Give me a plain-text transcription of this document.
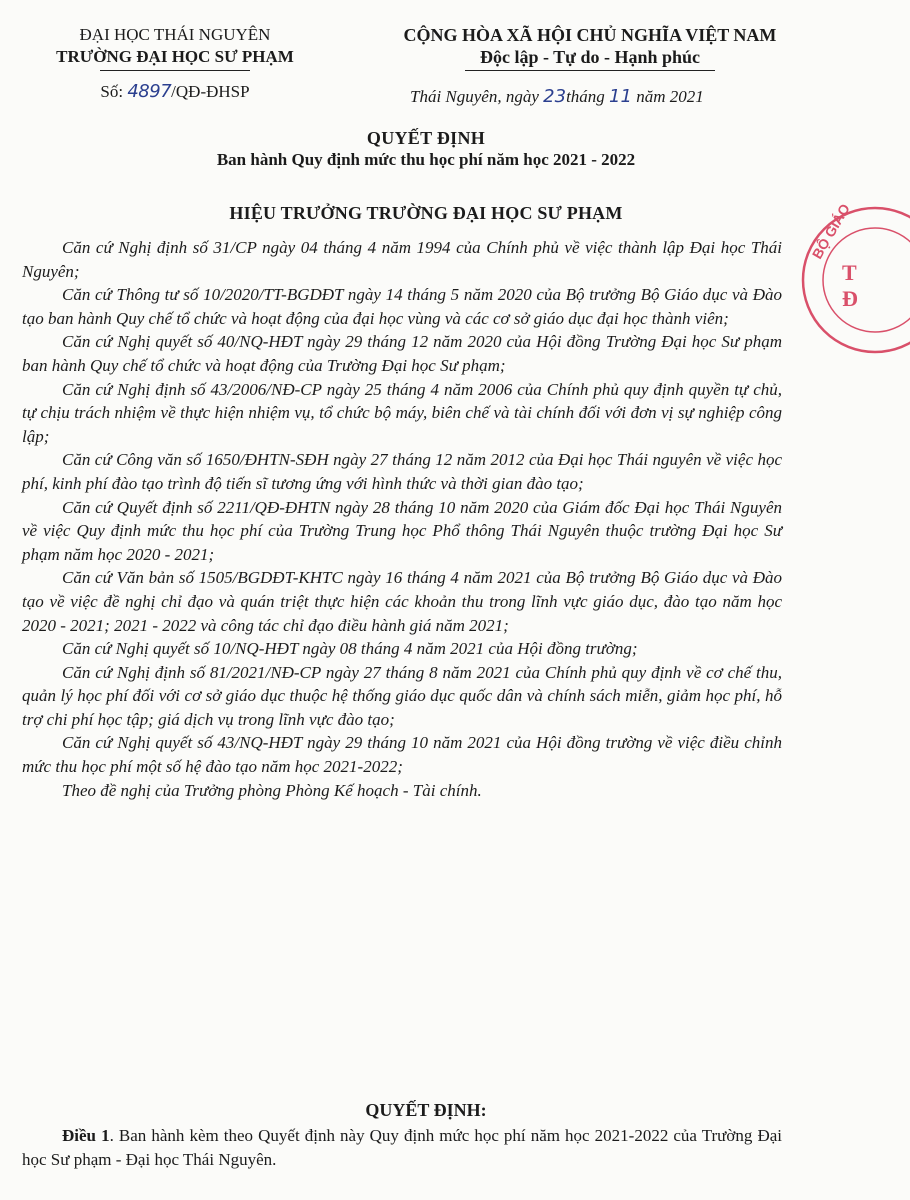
ĐẠI HỌC THÁI NGUYÊN
TRƯỜNG ĐẠI HỌC SƯ PHẠM
Số: 4897/QĐ-ĐHSP
CỘNG HÒA XÃ HỘI CHỦ NGHĨA VIỆT NAM
Độc lập - Tự do - Hạnh phúc
Thái Nguyên, ngày 23tháng 11 năm 2021
QUYẾT ĐỊNH
Ban hành Quy định mức thu học phí năm học 2021 - 2022
HIỆU TRƯỞNG TRƯỜNG ĐẠI HỌC SƯ PHẠM

Căn cứ Nghị định số 31/CP ngày 04 tháng 4 năm 1994 của Chính phủ về việc thành lập Đại học Thái Nguyên;

Căn cứ Thông tư số 10/2020/TT-BGDĐT ngày 14 tháng 5 năm 2020 của Bộ trưởng Bộ Giáo dục và Đào tạo ban hành Quy chế tổ chức và hoạt động của đại học vùng và các cơ sở giáo dục đại học thành viên;

Căn cứ Nghị quyết số 40/NQ-HĐT ngày 29 tháng 12 năm 2020 của Hội đồng Trường Đại học Sư phạm ban hành Quy chế tổ chức và hoạt động của Trường Đại học Sư phạm;

Căn cứ Nghị định số 43/2006/NĐ-CP ngày 25 tháng 4 năm 2006 của Chính phủ quy định quyền tự chủ, tự chịu trách nhiệm về thực hiện nhiệm vụ, tổ chức bộ máy, biên chế và tài chính đối với đơn vị sự nghiệp công lập;

Căn cứ Công văn số 1650/ĐHTN-SĐH ngày 27 tháng 12 năm 2012 của Đại học Thái nguyên về việc học phí, kinh phí đào tạo trình độ tiến sĩ tương ứng với hình thức và thời gian đào tạo;

Căn cứ Quyết định số 2211/QĐ-ĐHTN ngày 28 tháng 10 năm 2020 của Giám đốc Đại học Thái Nguyên về việc Quy định mức thu học phí của Trường Trung học Phổ thông Thái Nguyên thuộc trường Đại học Sư phạm năm học 2020 - 2021;

Căn cứ Văn bản số 1505/BGDĐT-KHTC ngày 16 tháng 4 năm 2021 của Bộ trưởng Bộ Giáo dục và Đào tạo về việc đề nghị chỉ đạo và quán triệt thực hiện các khoản thu trong lĩnh vực giáo dục, đào tạo năm học 2020 - 2021; 2021 - 2022 và công tác chỉ đạo điều hành giá năm 2021;

Căn cứ Nghị quyết số 10/NQ-HĐT ngày 08 tháng 4 năm 2021 của Hội đồng trường;

Căn cứ Nghị định số 81/2021/NĐ-CP ngày 27 tháng 8 năm 2021 của Chính phủ quy định về cơ chế thu, quản lý học phí đối với cơ sở giáo dục thuộc hệ thống giáo dục quốc dân và chính sách miễn, giảm học phí, hỗ trợ chi phí học tập; giá dịch vụ trong lĩnh vực đào tạo;

Căn cứ Nghị quyết số 43/NQ-HĐT ngày 29 tháng 10 năm 2021 của Hội đồng trường về việc điều chỉnh mức thu học phí một số hệ đào tạo năm học 2021-2022;

Theo đề nghị của Trưởng phòng Phòng Kế hoạch - Tài chính.

QUYẾT ĐỊNH:
Điều 1. Ban hành kèm theo Quyết định này Quy định mức học phí năm học 2021-2022 của Trường Đại học Sư phạm - Đại học Thái Nguyên.
BỘ GIÁO
T
Đ
